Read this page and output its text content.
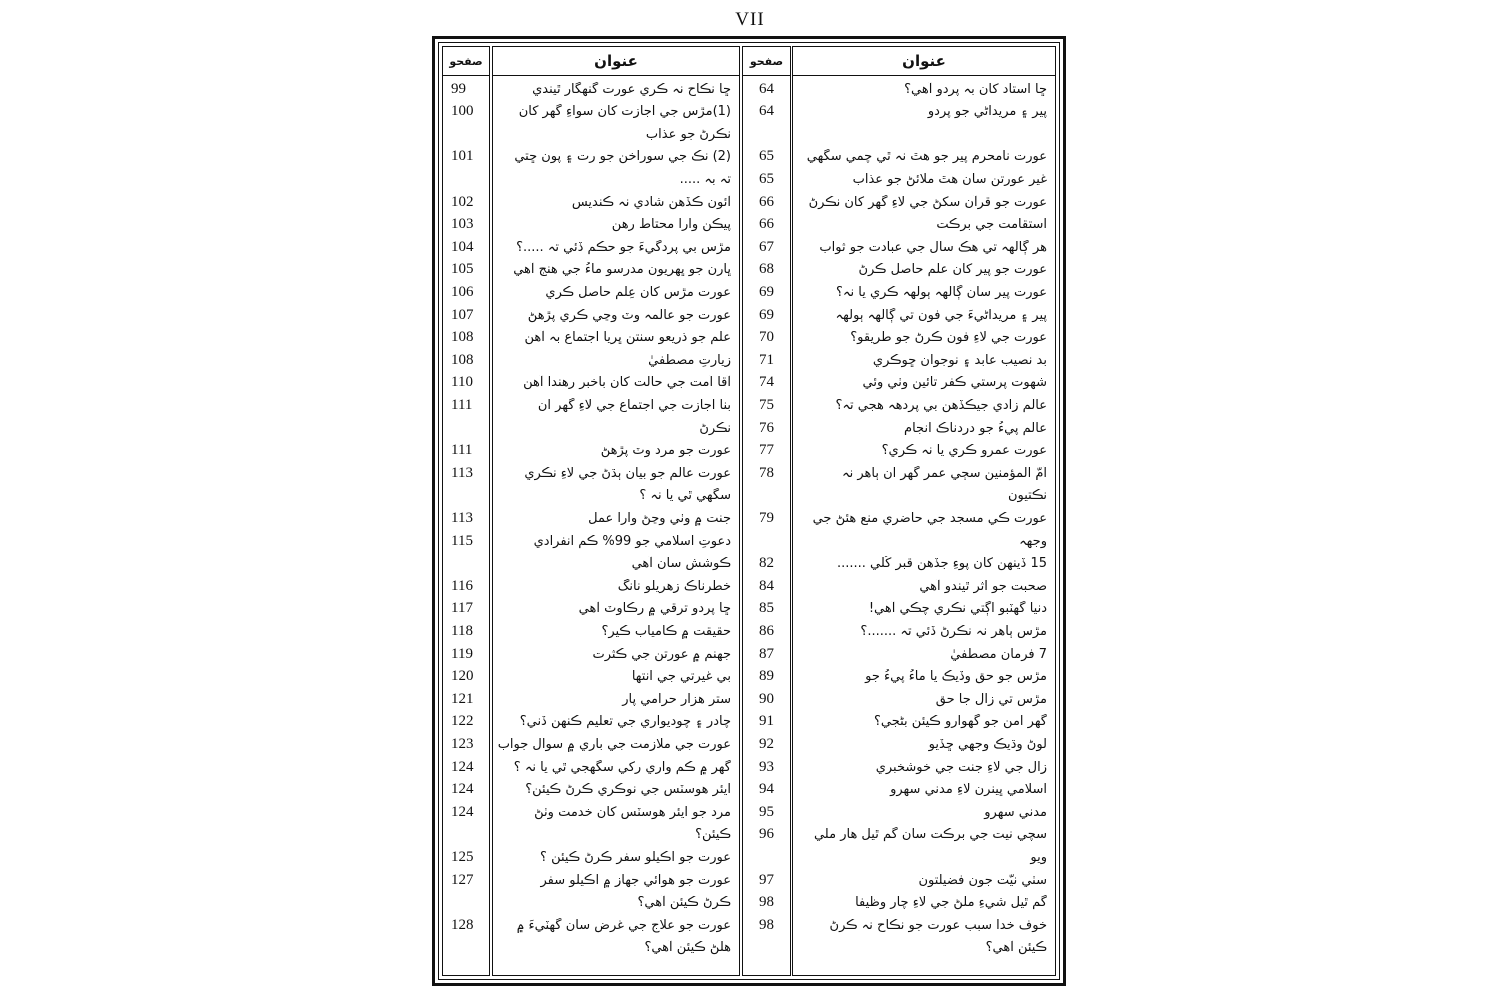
VII
عنوان
ڇا استاد کان بہ پردو آهي؟
پير ۽ مريداڻي جو پردو
عورت نامحرم پير جو هٿ نہ ٿي چمي سگهي
غير عورتن سان هٿ ملائڻ جو عذاب
عورت جو قرآن سکڻ جي لاءِ گهر کان نڪرڻ
استقامت جي برڪت
هر ڳالهہ تي هڪ سال جي عبادت جو ثواب
عورت جو پير کان علم حاصل ڪرڻ
عورت پير سان ڳالهہ ٻولهہ ڪري يا نہ؟
پير ۽ مريداڻيءَ جي فون تي ڳالهہ ٻولهہ
عورت جي لاءِ فون ڪرڻ جو طريقو؟
بد نصيب عابد ۽ نوجوان ڇوڪري
شهوت پرستي ڪفر تائين وٺي وئي
عالم زادي جيڪڏهن بي پردهہ هجي تہ؟
عالم پيءُ جو دردناڪ انجام
عورت عمرو ڪري يا نہ ڪري؟
اُمّ المؤمنين سڄي عمر گهر ان ٻاهر نہ
نڪتيون
عورت ڪي مسجد جي حاضري منع هئڻ جي
وجهہ
15 ڏينهن کان پوءِ جڏهن قبر کُلي .......
صحبت جو اثر ٿيندو آهي
دنيا گهٽبو اُڳتي نڪري چڪي آهي!
مڙس ٻاهر نہ نڪرڻ ڏئي تہ .......؟
7 فرمان مصطفيٰ
مڙس جو حق وڏيڪ يا ماءُ پيءُ جو
مڙس تي زال جا حق
گهر امن جو گهوارو ڪيئن بڻجي؟
لوڻ وڌيڪ وجهي ڇڏيو
زال جي لاءِ جنت جي خوشخبري
اسلامي ڀينرن لاءِ مدني سهرو
مدني سهرو
سچي نيت جي برڪت سان گم ٿيل هار ملي
ويو
سٺي نيّت جون فضيلتون
گم ٿيل شيءِ ملڻ جي لاءِ چار وظيفا
خوف خدا سبب عورت جو نڪاح نہ ڪرڻ
ڪيئن آهي؟
صفحو
64
64
65
65
66
66
67
68
69
69
70
71
74
75
76
77
78
79
82
84
85
86
87
89
90
91
92
93
94
95
96
97
98
98
عنوان
ڇا نڪاح نہ ڪري عورت گنهگار ٿيندي
(1)مڙس جي اجازت کان سواءِ گهر کان
نڪرڻ جو عذاب
(2) نڪ جي سوراخن جو رت ۽ پون ڇتي
تہ بہ .....
آئون ڪڏهن شادي نہ ڪنديس
پيڪن وارا محتاط رهن
مڙس بي پردگيءَ جو حڪم ڏئي تہ .....؟
ڀارن جو ڀهريون مدرسو ماءُ جي هنج آهي
عورت مڙس کان عِلم حاصل ڪري
عورت جو عالمہ وٽ وڃي ڪري پڙهڻ
علم جو ذريعو سنتن ڀريا اجتماع بہ آهن
زيارتِ مصطفيٰ
آقا اُمت جي حالت کان باخبر رهندا آهن
بنا اجازت جي اجتماع جي لاءِ گهر ان
نڪرڻ
عورت جو مرد وٽ پڙهڻ
عورت عالم جو بيان ٻڌڻ جي لاءِ نڪري
سگهي ٿي يا نہ ؟
جنت ۾ وٺي وڃڻ وارا عمل
دعوتِ اسلامي جو 99% ڪم انفرادي
ڪوشش سان آهي
خطرناڪ زهريلو نانگ
ڇا پردو ترقي ۾ رڪاوٽ آهي
حقيقت ۾ ڪامياب ڪير؟
جهنم ۾ عورتن جي ڪثرت
بي غيرتي جي انتها
ستر هزار حرامي پار
چادر ۽ چوديواري جي تعليم ڪنهن ڏني؟
عورت جي ملازمت جي باري ۾ سوال جواب
گهر ۾ ڪم واري رکي سگهجي ٿي يا نہ ؟
ايئر هوسٽس جي نوڪري ڪرڻ ڪيئن؟
مرد جو ايئر هوسٽس کان خدمت وٺڻ
ڪيئن؟
عورت جو اڪيلو سفر ڪرڻ ڪيئن ؟
عورت جو هوائي جهاز ۾ اڪيلو سفر
ڪرڻ ڪيئن آهي؟
عورت جو علاج جي غرض سان گهٽيءَ ۾
هلڻ ڪيئن آهي؟
صفحو
99
100
101
102
103
104
105
106
107
108
108
110
111
111
113
113
115
116
117
118
119
120
121
122
123
124
124
124
125
127
128
